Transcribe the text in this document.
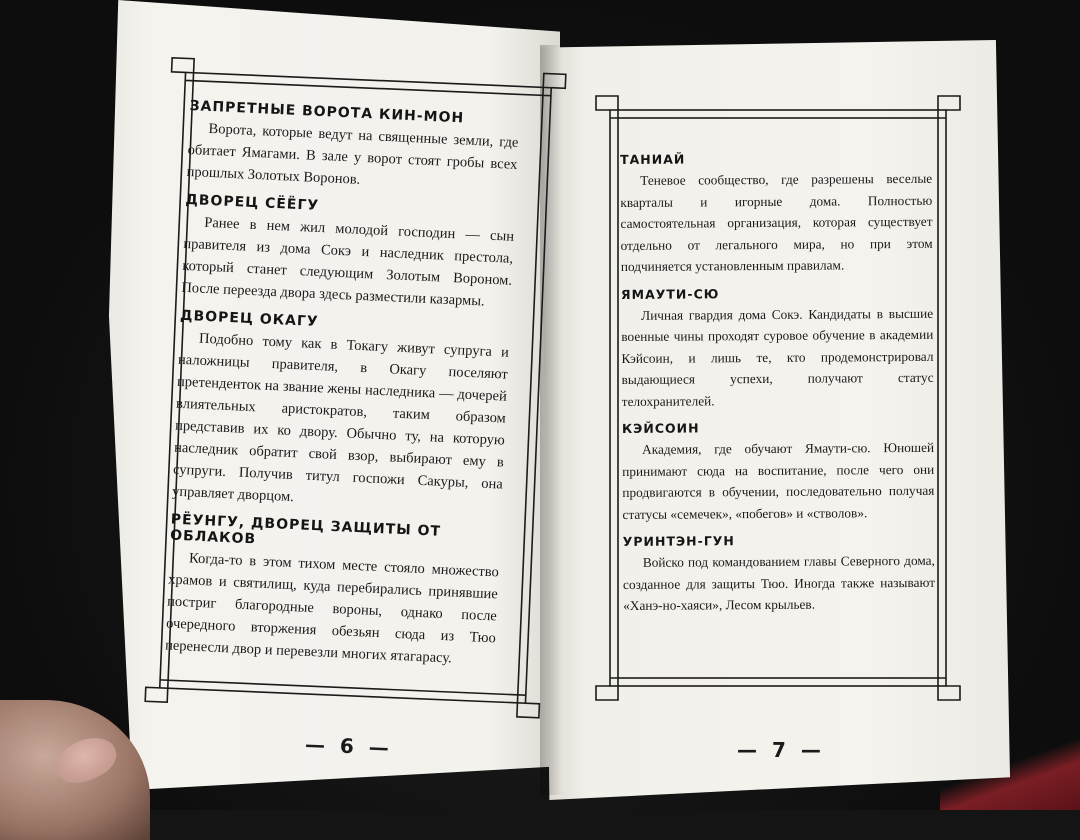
ЗАПРЕТНЫЕ ВОРОТА КИН-МОН

Ворота, которые ведут на священные земли, где обитает Ямагами. В зале у ворот стоят гробы всех прошлых Золотых Воронов.

ДВОРЕЦ СЁЁГУ

Ранее в нем жил молодой господин — сын правителя из дома Сокэ и наследник престола, который станет следующим Золотым Вороном. После переезда двора здесь разместили казармы.

ДВОРЕЦ ОКАГУ

Подобно тому как в Токагу живут супруга и наложницы правителя, в Окагу поселяют претенденток на звание жены наследника — дочерей влиятельных аристократов, таким образом представив их ко двору. Обычно ту, на которую наследник обратит свой взор, выбирают ему в супруги. Получив титул госпожи Сакуры, она управляет дворцом.

РЁУНГУ, ДВОРЕЦ ЗАЩИТЫ ОТ ОБЛАКОВ

Когда-то в этом тихом месте стояло множество храмов и святилищ, куда перебирались принявшие постриг благородные вороны, однако после очередного вторжения обезьян сюда из Тюо перенесли двор и перевезли многих ятагарасу.

ТАНИАЙ

Теневое сообщество, где разрешены веселые кварталы и игорные дома. Полностью самостоятельная организация, которая существует отдельно от легального мира, но при этом подчиняется установленным правилам.

ЯМАУТИ-СЮ

Личная гвардия дома Сокэ. Кандидаты в высшие военные чины проходят суровое обучение в академии Кэйсоин, и лишь те, кто продемонстрировал выдающиеся успехи, получают статус телохранителей.

КЭЙСОИН

Академия, где обучают Ямаути-сю. Юношей принимают сюда на воспитание, после чего они продвигаются в обучении, последовательно получая статусы «семечек», «побегов» и «стволов».

УРИНТЭН-ГУН

Войско под командованием главы Северного дома, созданное для защиты Тюо. Иногда также называют «Ханэ-но-хаяси», Лесом крыльев.

— 6 —	— 7 —
